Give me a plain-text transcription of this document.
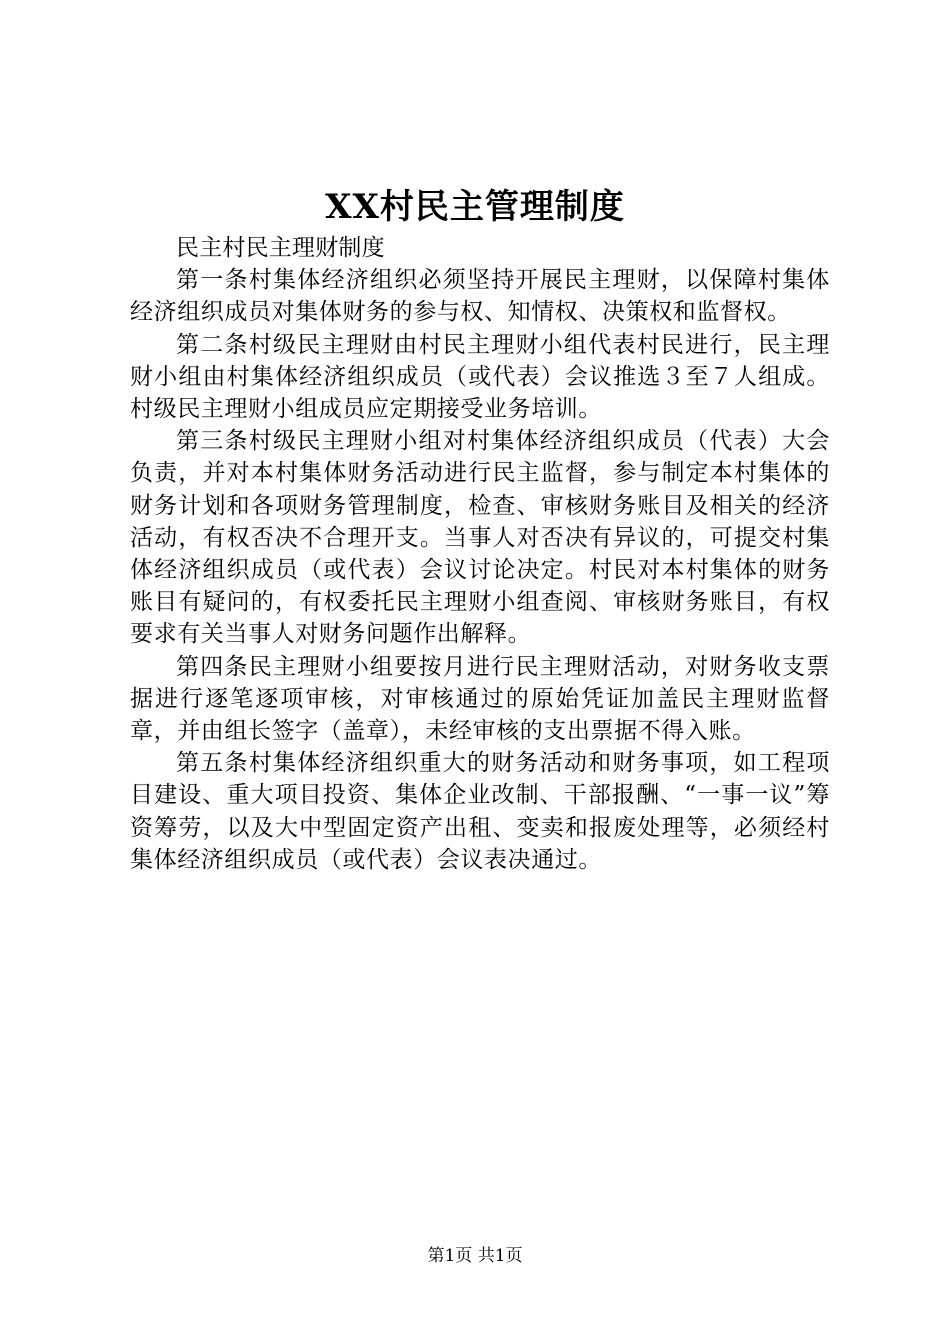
XX村民主管理制度

民主村民主理财制度

第一条村集体经济组织必须坚持开展民主理财，以保障村集体经济组织成员对集体财务的参与权、知情权、决策权和监督权。

第二条村级民主理财由村民主理财小组代表村民进行，民主理财小组由村集体经济组织成员（或代表）会议推选３至７人组成。村级民主理财小组成员应定期接受业务培训。

第三条村级民主理财小组对村集体经济组织成员（代表）大会负责，并对本村集体财务活动进行民主监督，参与制定本村集体的财务计划和各项财务管理制度，检查、审核财务账目及相关的经济活动，有权否决不合理开支。当事人对否决有异议的，可提交村集体经济组织成员（或代表）会议讨论决定。村民对本村集体的财务账目有疑问的，有权委托民主理财小组查阅、审核财务账目，有权要求有关当事人对财务问题作出解释。

第四条民主理财小组要按月进行民主理财活动，对财务收支票据进行逐笔逐项审核，对审核通过的原始凭证加盖民主理财监督章，并由组长签字（盖章），未经审核的支出票据不得入账。

第五条村集体经济组织重大的财务活动和财务事项，如工程项目建设、重大项目投资、集体企业改制、干部报酬、“一事一议”筹资筹劳，以及大中型固定资产出租、变卖和报废处理等，必须经村集体经济组织成员（或代表）会议表决通过。

第1页 共1页
